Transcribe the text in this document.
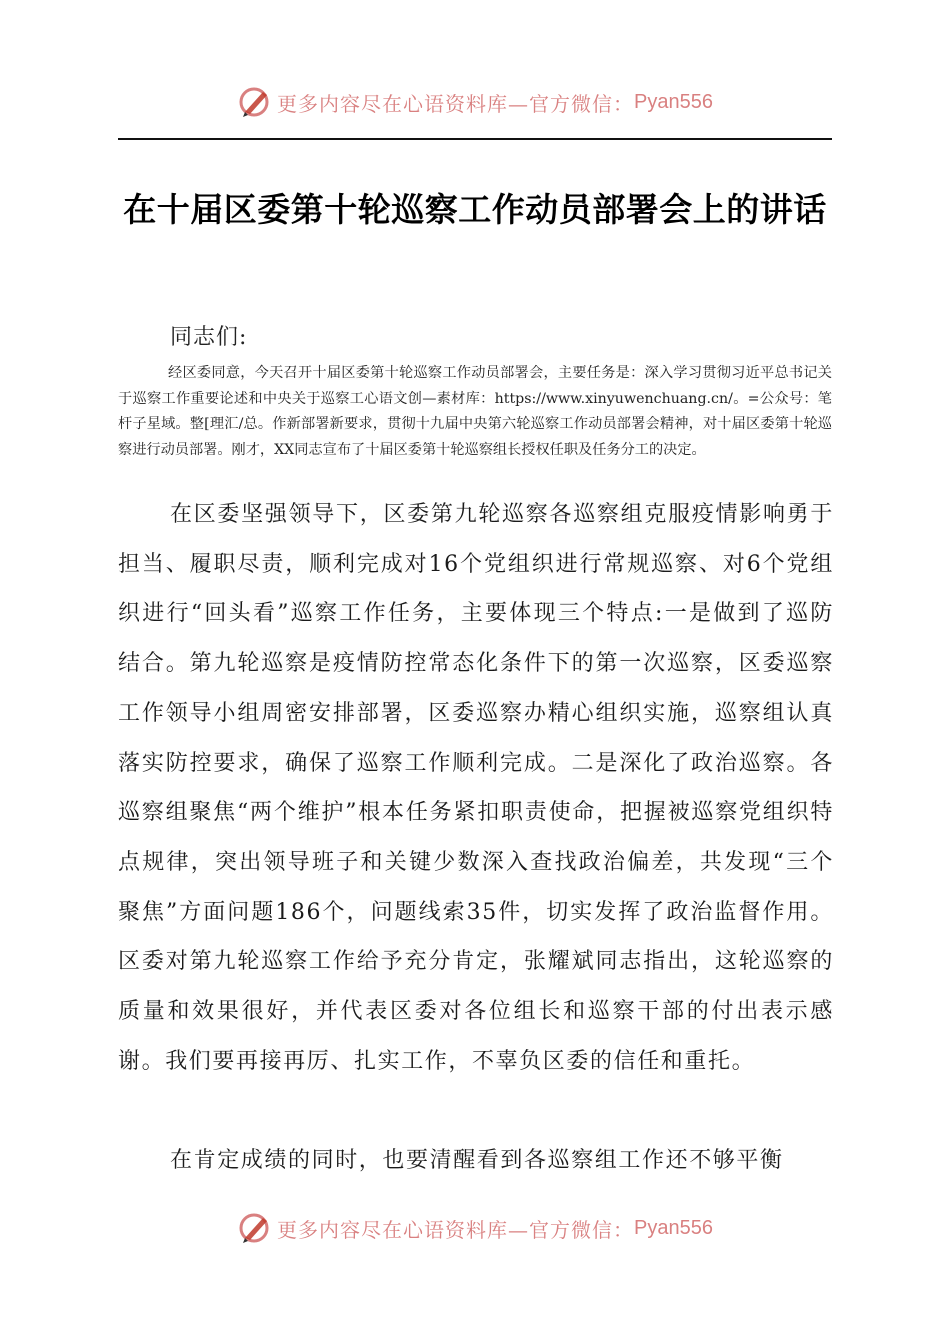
更多内容尽在心语资料库—官方微信： Pyan556
在十届区委第十轮巡察工作动员部署会上的讲话
同志们:
经区委同意，今天召开十届区委第十轮巡察工作动员部署会，主要任务是：深入学习贯彻习近平总书记关于巡察工作重要论述和中央关于巡察工心语文创—素材库：https://www.xinyuwenchuang.cn/。=公众号：笔杆子星域。整[理汇/总。作新部署新要求，贯彻十九届中央第六轮巡察工作动员部署会精神，对十届区委第十轮巡察进行动员部署。刚才，XX同志宣布了十届区委第十轮巡察组长授权任职及任务分工的决定。
在区委坚强领导下，区委第九轮巡察各巡察组克服疫情影响勇于担当、履职尽责，顺利完成对16个党组织进行常规巡察、对6个党组织进行“回头看”巡察工作任务，主要体现三个特点:一是做到了巡防结合。第九轮巡察是疫情防控常态化条件下的第一次巡察，区委巡察工作领导小组周密安排部署，区委巡察办精心组织实施，巡察组认真落实防控要求，确保了巡察工作顺利完成。二是深化了政治巡察。各巡察组聚焦“两个维护”根本任务紧扣职责使命，把握被巡察党组织特点规律，突出领导班子和关键少数深入查找政治偏差，共发现“三个聚焦”方面问题186个，问题线索35件，切实发挥了政治监督作用。区委对第九轮巡察工作给予充分肯定，张耀斌同志指出，这轮巡察的质量和效果很好，并代表区委对各位组长和巡察干部的付出表示感谢。我们要再接再厉、扎实工作，不辜负区委的信任和重托。
在肯定成绩的同时，也要清醒看到各巡察组工作还不够平衡
更多内容尽在心语资料库—官方微信： Pyan556
